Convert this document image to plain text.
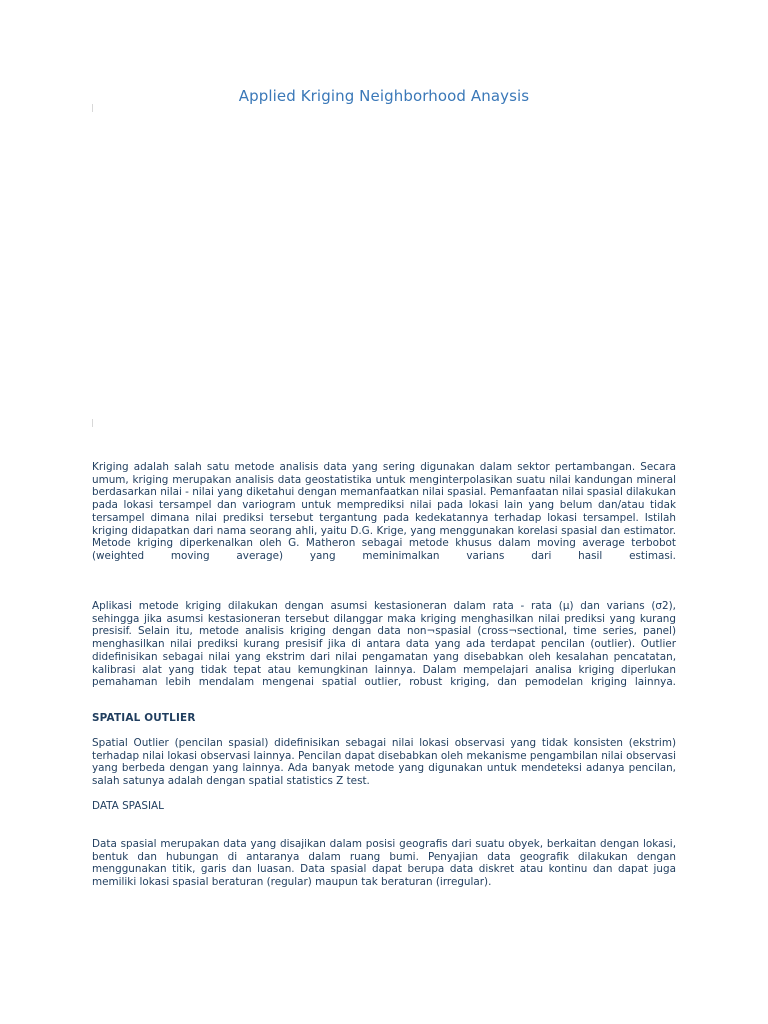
Applied Kriging Neighborhood Anaysis

Kriging adalah salah satu metode analisis data yang sering digunakan dalam sektor pertambangan. Secara umum, kriging merupakan analisis data geostatistika untuk menginterpolasikan suatu nilai kandungan mineral berdasarkan nilai - nilai yang diketahui dengan memanfaatkan nilai spasial. Pemanfaatan nilai spasial dilakukan pada lokasi tersampel dan variogram untuk memprediksi nilai pada lokasi lain yang belum dan/atau tidak tersampel dimana nilai prediksi tersebut tergantung pada kedekatannya terhadap lokasi tersampel. Istilah kriging didapatkan dari nama seorang ahli, yaitu D.G. Krige, yang menggunakan korelasi spasial dan estimator. Metode kriging diperkenalkan oleh G. Matheron sebagai metode khusus dalam moving average terbobot (weighted moving average) yang meminimalkan varians dari hasil estimasi.

Aplikasi metode kriging dilakukan dengan asumsi kestasioneran dalam rata - rata (μ) dan varians (σ2), sehingga jika asumsi kestasioneran tersebut dilanggar maka kriging menghasilkan nilai prediksi yang kurang presisif. Selain itu, metode analisis kriging dengan data non¬spasial (cross¬sectional, time series, panel) menghasilkan nilai prediksi kurang presisif jika di antara data yang ada terdapat pencilan (outlier). Outlier didefinisikan sebagai nilai yang ekstrim dari nilai pengamatan yang disebabkan oleh kesalahan pencatatan, kalibrasi alat yang tidak tepat atau kemungkinan lainnya. Dalam mempelajari analisa kriging diperlukan pemahaman lebih mendalam mengenai spatial outlier, robust kriging, dan pemodelan kriging lainnya.

SPATIAL OUTLIER

Spatial Outlier (pencilan spasial) didefinisikan sebagai nilai lokasi observasi yang tidak konsisten (ekstrim) terhadap nilai lokasi observasi lainnya. Pencilan dapat disebabkan oleh mekanisme pengambilan nilai observasi yang berbeda dengan yang lainnya. Ada banyak metode yang digunakan untuk mendeteksi adanya pencilan, salah satunya adalah dengan spatial statistics Z test.

DATA SPASIAL

Data spasial merupakan data yang disajikan dalam posisi geografis dari suatu obyek, berkaitan dengan lokasi, bentuk dan hubungan di antaranya dalam ruang bumi. Penyajian data geografik dilakukan dengan menggunakan titik, garis dan luasan. Data spasial dapat berupa data diskret atau kontinu dan dapat juga memiliki lokasi spasial beraturan (regular) maupun tak beraturan (irregular).
